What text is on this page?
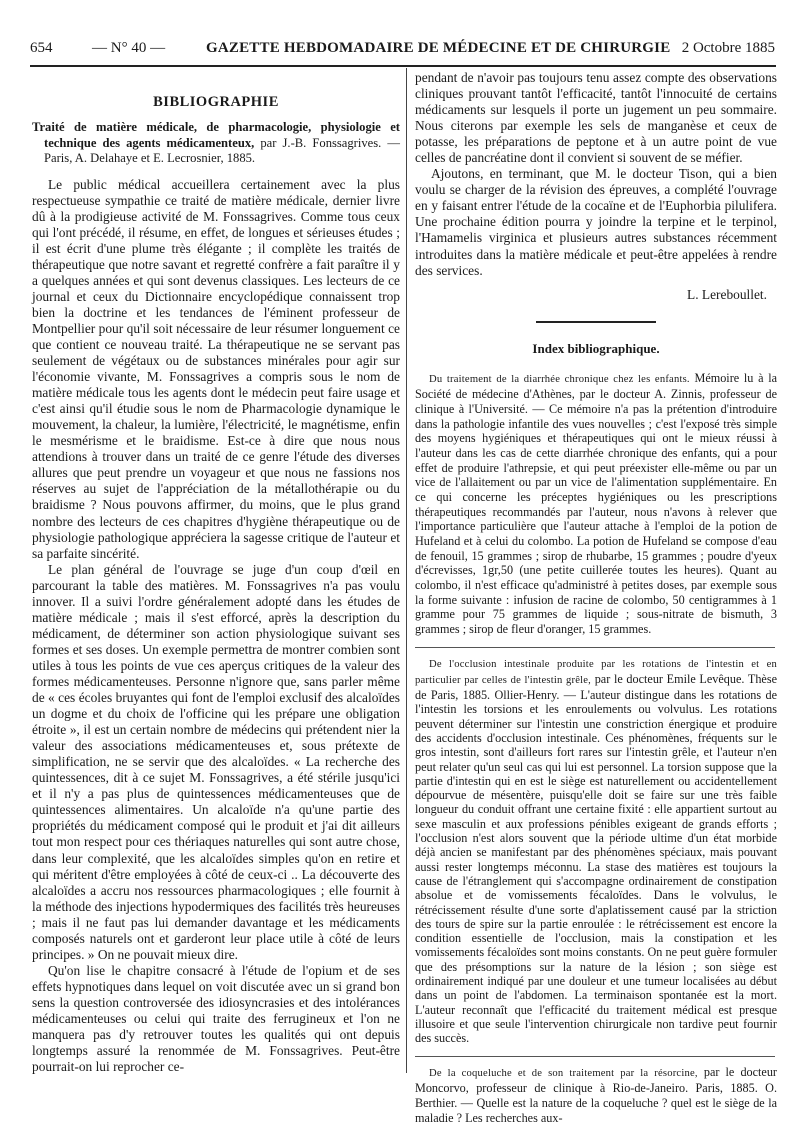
654	— N° 40 —	GAZETTE HEBDOMADAIRE DE MÉDECINE ET DE CHIRURGIE 2 Octobre 1885
BIBLIOGRAPHIE
Traité de matière médicale, de pharmacologie, physiologie et technique des agents médicamenteux, par J.-B. Fonssagrives. — Paris, A. Delahaye et E. Lecrosnier, 1885.

Le public médical accueillera certainement avec la plus respectueuse sympathie ce traité de matière médicale, dernier livre dû à la prodigieuse activité de M. Fonssagrives. Comme tous ceux qui l'ont précédé, il résume, en effet, de longues et sérieuses études ; il est écrit d'une plume très élégante ; il complète les traités de thérapeutique que notre savant et regretté confrère a fait paraître il y a quelques années et qui sont devenus classiques. Les lecteurs de ce journal et ceux du Dictionnaire encyclopédique connaissent trop bien la doctrine et les tendances de l'éminent professeur de Montpellier pour qu'il soit nécessaire de leur résumer longuement ce que contient ce nouveau traité. La thérapeutique ne se servant pas seulement de végétaux ou de substances minérales pour agir sur l'économie vivante, M. Fonssagrives a compris sous le nom de matière médicale tous les agents dont le médecin peut faire usage et c'est ainsi qu'il étudie sous le nom de Pharmacologie dynamique le mouvement, la chaleur, la lumière, l'électricité, le magnétisme, enfin le mesmérisme et le braidisme. Est-ce à dire que nous nous attendions à trouver dans un traité de ce genre l'étude des diverses allures que peut prendre un voyageur et que nous ne fassions nos réserves au sujet de l'appréciation de la métallothérapie ou du braidisme ? Nous pouvons affirmer, du moins, que le plus grand nombre des lecteurs de ces chapitres d'hygiène thérapeutique ou de physiologie pathologique appréciera la sagesse critique de l'auteur et sa parfaite sincérité.

Le plan général de l'ouvrage se juge d'un coup d'œil en parcourant la table des matières. M. Fonssagrives n'a pas voulu innover. Il a suivi l'ordre généralement adopté dans les études de matière médicale ; mais il s'est efforcé, après la description du médicament, de déterminer son action physiologique suivant ses formes et ses doses. Un exemple permettra de montrer combien sont utiles à tous les points de vue ces aperçus critiques de la valeur des formes médicamenteuses. Personne n'ignore que, sans parler même de « ces écoles bruyantes qui font de l'emploi exclusif des alcaloïdes un dogme et du choix de l'officine qui les prépare une obligation étroite », il est un certain nombre de médecins qui prétendent nier la valeur des associations médicamenteuses et, sous prétexte de simplification, ne se servir que des alcaloïdes. « La recherche des quintessences, dit à ce sujet M. Fonssagrives, a été stérile jusqu'ici et il n'y a pas plus de quintessences médicamenteuses que de quintessences alimentaires. Un alcaloïde n'a qu'une partie des propriétés du médicament composé qui le produit et j'ai dit ailleurs tout mon respect pour ces thériaques naturelles qui sont autre chose, dans leur complexité, que les alcaloïdes simples qu'on en retire et qui méritent d'être employées à côté de ceux-ci .. La découverte des alcaloïdes a accru nos ressources pharmacologiques ; elle fournit à la méthode des injections hypodermiques des facilités très heureuses ; mais il ne faut pas lui demander davantage et les médicaments composés naturels ont et garderont leur place utile à côté de leurs principes. » On ne pouvait mieux dire.

Qu'on lise le chapitre consacré à l'étude de l'opium et de ses effets hypnotiques dans lequel on voit discutée avec un si grand bon sens la question controversée des idiosyncrasies et des intolérances médicamenteuses ou celui qui traite des ferrugineux et l'on ne manquera pas d'y retrouver toutes les qualités qui ont depuis longtemps assuré la renommée de M. Fonssagrives. Peut-être pourrait-on lui reprocher ce-

pendant de n'avoir pas toujours tenu assez compte des observations cliniques prouvant tantôt l'efficacité, tantôt l'innocuité de certains médicaments sur lesquels il porte un jugement un peu sommaire. Nous citerons par exemple les sels de manganèse et ceux de potasse, les préparations de peptone et à un autre point de vue celles de pancréatine dont il convient si souvent de se méfier.

Ajoutons, en terminant, que M. le docteur Tison, qui a bien voulu se charger de la révision des épreuves, a complété l'ouvrage en y faisant entrer l'étude de la cocaïne et de l'Euphorbia pilulifera. Une prochaine édition pourra y joindre la terpine et le terpinol, l'Hamamelis virginica et plusieurs autres substances récemment introduites dans la matière médicale et peut-être appelées à rendre des services.

L. Lereboullet.
Index bibliographique.
Du traitement de la diarrhée chronique chez les enfants. Mémoire lu à la Société de médecine d'Athènes, par le docteur A. Zinnis, professeur de clinique à l'Université. — Ce mémoire n'a pas la prétention d'introduire dans la pathologie infantile des vues nouvelles ; c'est l'exposé très simple des moyens hygiéniques et thérapeutiques qui ont le mieux réussi à l'auteur dans les cas de cette diarrhée chronique des enfants, qui a pour effet de produire l'athrepsie, et qui peut préexister elle-même ou par un vice de l'allaitement ou par un vice de l'alimentation supplémentaire. En ce qui concerne les préceptes hygiéniques ou les prescriptions thérapeutiques recommandés par l'auteur, nous n'avons à relever que l'importance particulière que l'auteur attache à l'emploi de la potion de Hufeland et à celui du colombo. La potion de Hufeland se compose d'eau de fenouil, 15 grammes ; sirop de rhubarbe, 15 grammes ; poudre d'yeux d'écrevisses, 1gr,50 (une petite cuillerée toutes les heures). Quant au colombo, il n'est efficace qu'administré à petites doses, par exemple sous la forme suivante : infusion de racine de colombo, 50 centigrammes à 1 gramme pour 75 grammes de liquide ; sous-nitrate de bismuth, 3 grammes ; sirop de fleur d'oranger, 15 grammes.
De l'occlusion intestinale produite par les rotations de l'intestin et en particulier par celles de l'intestin grêle, par le docteur Emile Levêque. Thèse de Paris, 1885. Ollier-Henry. — L'auteur distingue dans les rotations de l'intestin les torsions et les enroulements ou volvulus. Les rotations peuvent déterminer sur l'intestin une constriction énergique et produire des accidents d'occlusion intestinale. Ces phénomènes, fréquents sur le gros intestin, sont d'ailleurs fort rares sur l'intestin grêle, et l'auteur n'en peut relater qu'un seul cas qui lui est personnel. La torsion suppose que la partie d'intestin qui en est le siège est naturellement ou accidentellement dépourvue de mésentère, puisqu'elle doit se faire sur une très faible longueur du conduit offrant une certaine fixité : elle appartient surtout au sexe masculin et aux professions pénibles exigeant de grands efforts ; l'occlusion n'est alors souvent que la période ultime d'un état morbide déjà ancien se manifestant par des phénomènes spéciaux, mais pouvant aussi rester longtemps méconnu. La stase des matières est toujours la cause de l'étranglement qui s'accompagne ordinairement de constipation absolue et de vomissements fécaloïdes. Dans le volvulus, le rétrécissement résulte d'une sorte d'aplatissement causé par la striction des tours de spire sur la partie enroulée : le rétrécissement est encore la condition essentielle de l'occlusion, mais la constipation et les vomissements fécaloïdes sont moins constants. On ne peut guère formuler que des présomptions sur la nature de la lésion ; son siège est ordinairement indiqué par une douleur et une tumeur localisées au début dans un point de l'abdomen. La terminaison spontanée est la mort. L'auteur reconnaît que l'efficacité du traitement médical est presque illusoire et que seule l'intervention chirurgicale non tardive peut fournir des succès.
De la coqueluche et de son traitement par la résorcine, par le docteur Moncorvo, professeur de clinique à Rio-de-Janeiro. Paris, 1885. O. Berthier. — Quelle est la nature de la coqueluche ? quel est le siège de la maladie ? Les recherches aux-
